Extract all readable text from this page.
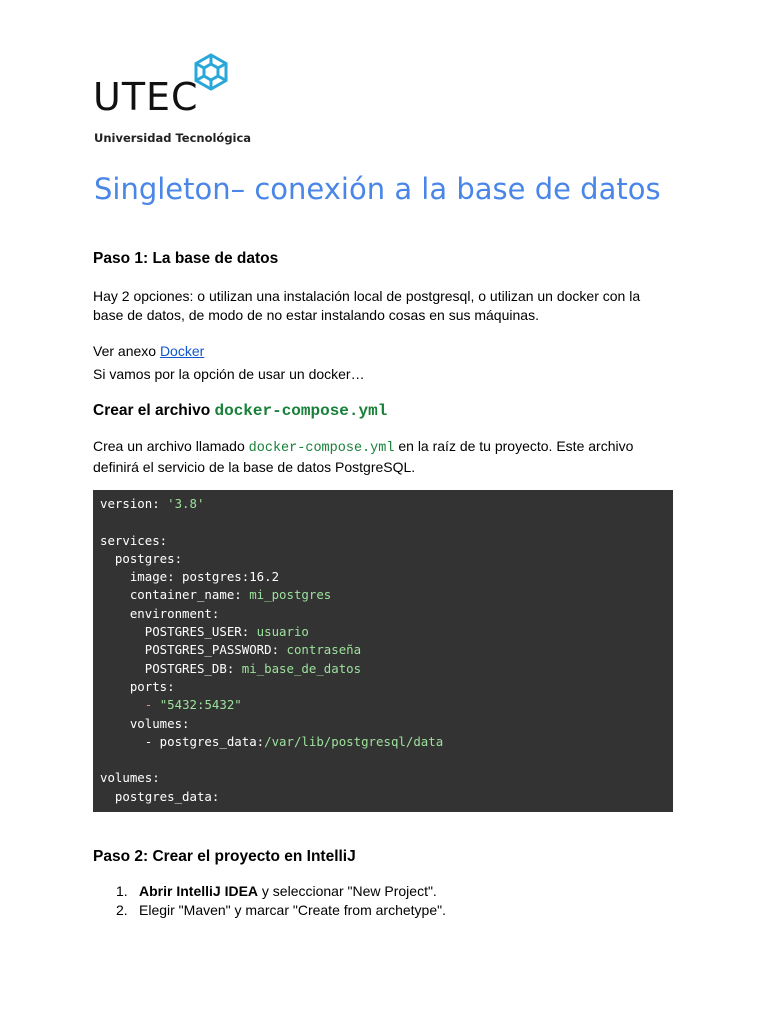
UTEC
Universidad Tecnológica
Singleton– conexión a la base de datos
Paso 1: La base de datos

Hay 2 opciones: o utilizan una instalación local de postgresql, o utilizan un docker con la base de datos, de modo de no estar instalando cosas en sus máquinas.

Ver anexo Docker

Si vamos por la opción de usar un docker…

Crear el archivo docker-compose.yml

Crea un archivo llamado docker-compose.yml en la raíz de tu proyecto. Este archivo definirá el servicio de la base de datos PostgreSQL.

version: '3.8'

services:
postgres:
image: postgres:16.2
container_name: mi_postgres
environment:
POSTGRES_USER: usuario
POSTGRES_PASSWORD: contraseña
POSTGRES_DB: mi_base_de_datos
ports:
- "5432:5432"
volumes:
- postgres_data:/var/lib/postgresql/data

volumes:
postgres_data:
Paso 2: Crear el proyecto en IntelliJ
1. Abrir IntelliJ IDEA y seleccionar "New Project".
2. Elegir "Maven" y marcar "Create from archetype".
